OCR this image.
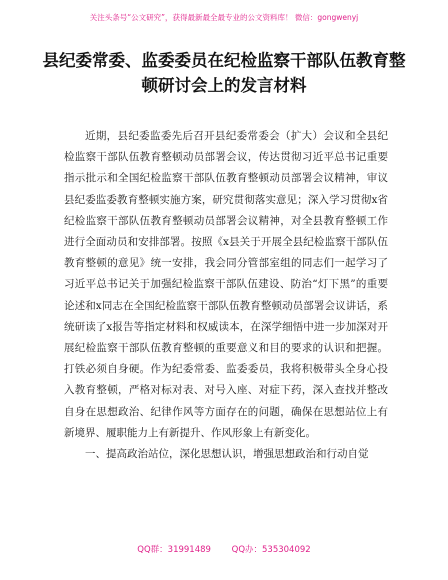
关注头条号“公文研究”，获得最新最全最专业的公文资料库！ 微信：gongwenyj
县纪委常委、监委委员在纪检监察干部队伍教育整顿研讨会上的发言材料

近期，县纪委监委先后召开县纪委常委会（扩大）会议和全县纪检监察干部队伍教育整顿动员部署会议，传达贯彻习近平总书记重要指示批示和全国纪检监察干部队伍教育整顿动员部署会议精神，审议县纪委监委教育整顿实施方案，研究贯彻落实意见；深入学习贯彻x省纪检监察干部队伍教育整顿动员部署会议精神，对全县教育整顿工作进行全面动员和安排部署。按照《x县关于开展全县纪检监察干部队伍教育整顿的意见》统一安排，我会同分管部室组的同志们一起学习了习近平总书记关于加强纪检监察干部队伍建设、防治“灯下黑”的重要论述和x同志在全国纪检监察干部队伍教育整顿动员部署会议讲话，系统研读了x报告等指定材料和权威读本，在深学细悟中进一步加深对开展纪检监察干部队伍教育整顿的重要意义和目的要求的认识和把握。打铁必须自身硬。作为纪委常委、监委委员，我将积极带头全身心投入教育整顿，严格对标对表、对号入座、对症下药，深入查找并整改自身在思想政治、纪律作风等方面存在的问题，确保在思想站位上有新境界、履职能力上有新提升、作风形象上有新变化。

一、提高政治站位，深化思想认识，增强思想政治和行动自觉

QQ群：31991489 QQ办：535304092
